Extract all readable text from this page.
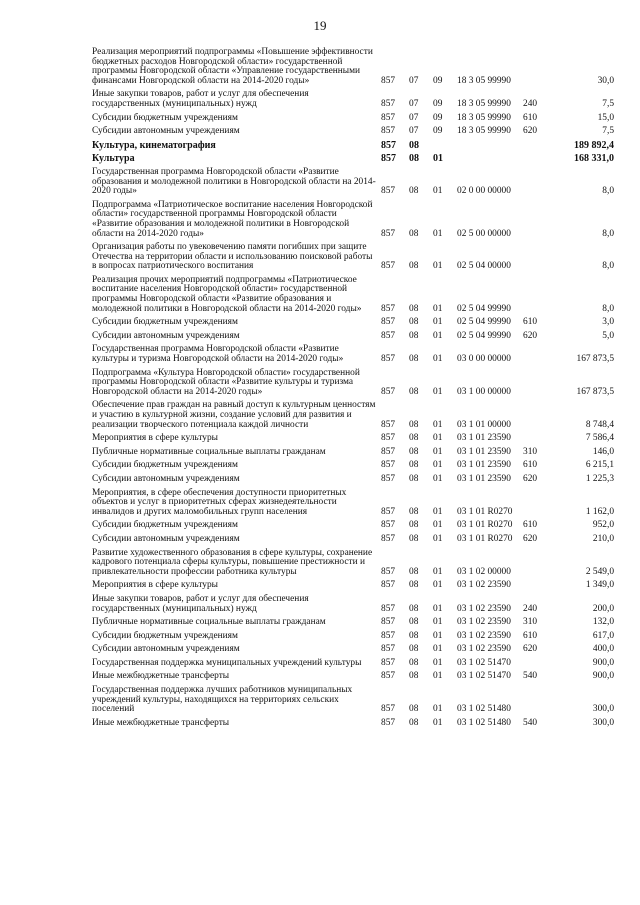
19
Реализация мероприятий подпрограммы «Повышение эффективности бюджетных расходов Новгородской области» государственной программы Новгородской области «Управление государственными финансами Новгородской области на 2014-2020 годы»	857	07	09	18 3 05 99990		30,0
Иные закупки товаров, работ и услуг для обеспечения государственных (муниципальных) нужд	857	07	09	18 3 05 99990	240	7,5
Субсидии бюджетным учреждениям	857	07	09	18 3 05 99990	610	15,0
Субсидии автономным учреждениям	857	07	09	18 3 05 99990	620	7,5
Культура, кинематография	857	08				189 892,4
Культура	857	08	01			168 331,0
Государственная программа Новгородской области «Развитие образования и молодежной политики в Новгородской области на 2014-2020 годы»	857	08	01	02 0 00 00000		8,0
Подпрограмма «Патриотическое воспитание населения Новгородской области» государственной программы Новгородской области «Развитие образования и молодежной политики в Новгородской области на 2014-2020 годы»	857	08	01	02 5 00 00000		8,0
Организация работы по увековечению памяти погибших при защите Отечества на территории области и использованию поисковой работы в вопросах патриотического воспитания	857	08	01	02 5 04 00000		8,0
Реализация прочих мероприятий подпрограммы «Патриотическое воспитание населения Новгородской области» государственной программы Новгородской области «Развитие образования и молодежной политики в Новгородской области на 2014-2020 годы»	857	08	01	02 5 04 99990		8,0
Субсидии бюджетным учреждениям	857	08	01	02 5 04 99990	610	3,0
Субсидии автономным учреждениям	857	08	01	02 5 04 99990	620	5,0
Государственная программа Новгородской области «Развитие культуры и туризма Новгородской области на 2014-2020 годы»	857	08	01	03 0 00 00000		167 873,5
Подпрограмма «Культура Новгородской области» государственной программы Новгородской области «Развитие культуры и туризма Новгородской области на 2014-2020 годы»	857	08	01	03 1 00 00000		167 873,5
Обеспечение прав граждан на равный доступ к культурным ценностям и участию в культурной жизни, создание условий для развития и реализации творческого потенциала каждой личности	857	08	01	03 1 01 00000		8 748,4
Мероприятия в сфере культуры	857	08	01	03 1 01 23590		7 586,4
Публичные нормативные социальные выплаты гражданам	857	08	01	03 1 01 23590	310	146,0
Субсидии бюджетным учреждениям	857	08	01	03 1 01 23590	610	6 215,1
Субсидии автономным учреждениям	857	08	01	03 1 01 23590	620	1 225,3
Мероприятия, в сфере обеспечения доступности приоритетных объектов и услуг в приоритетных сферах жизнедеятельности инвалидов и других маломобильных групп населения	857	08	01	03 1 01 R0270		1 162,0
Субсидии бюджетным учреждениям	857	08	01	03 1 01 R0270	610	952,0
Субсидии автономным учреждениям	857	08	01	03 1 01 R0270	620	210,0
Развитие художественного образования в сфере культуры, сохранение кадрового потенциала сферы культуры, повышение престижности и привлекательности профессии работника культуры	857	08	01	03 1 02 00000		2 549,0
Мероприятия в сфере культуры	857	08	01	03 1 02 23590		1 349,0
Иные закупки товаров, работ и услуг для обеспечения государственных (муниципальных) нужд	857	08	01	03 1 02 23590	240	200,0
Публичные нормативные социальные выплаты гражданам	857	08	01	03 1 02 23590	310	132,0
Субсидии бюджетным учреждениям	857	08	01	03 1 02 23590	610	617,0
Субсидии автономным учреждениям	857	08	01	03 1 02 23590	620	400,0
Государственная поддержка муниципальных учреждений культуры	857	08	01	03 1 02 51470		900,0
Иные межбюджетные трансферты	857	08	01	03 1 02 51470	540	900,0
Государственная поддержка лучших работников муниципальных учреждений культуры, находящихся на территориях сельских поселений	857	08	01	03 1 02 51480		300,0
Иные межбюджетные трансферты	857	08	01	03 1 02 51480	540	300,0
